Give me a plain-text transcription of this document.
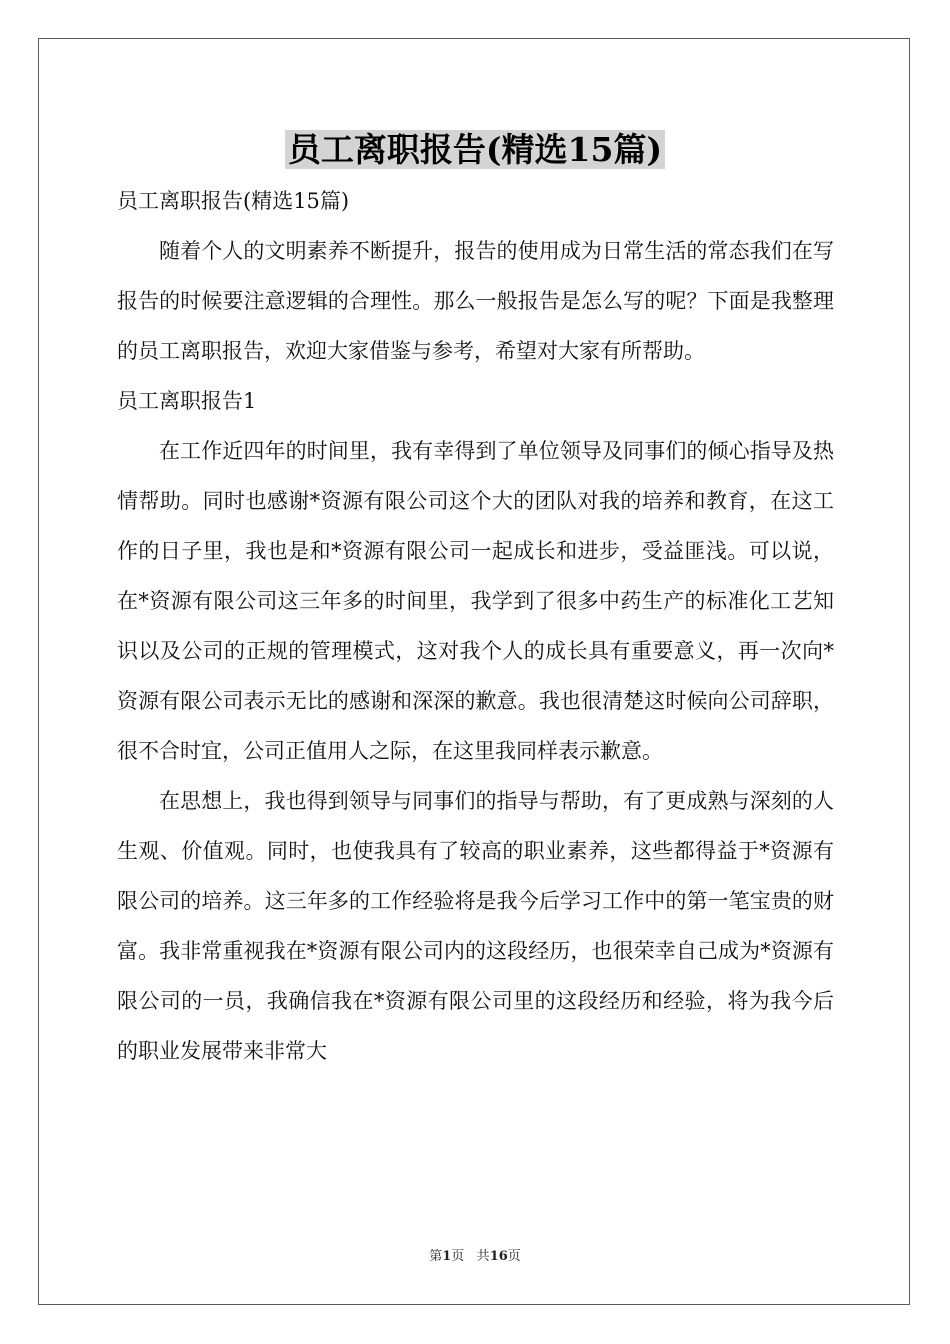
员工离职报告(精选15篇)

员工离职报告(精选15篇)

随着个人的文明素养不断提升，报告的使用成为日常生活的常态我们在写报告的时候要注意逻辑的合理性。那么一般报告是怎么写的呢？下面是我整理的员工离职报告，欢迎大家借鉴与参考，希望对大家有所帮助。

员工离职报告1

在工作近四年的时间里，我有幸得到了单位领导及同事们的倾心指导及热情帮助。同时也感谢*资源有限公司这个大的团队对我的培养和教育，在这工作的日子里，我也是和*资源有限公司一起成长和进步，受益匪浅。可以说，在*资源有限公司这三年多的时间里，我学到了很多中药生产的标准化工艺知识以及公司的正规的管理模式，这对我个人的成长具有重要意义，再一次向*资源有限公司表示无比的感谢和深深的歉意。我也很清楚这时候向公司辞职，很不合时宜，公司正值用人之际，在这里我同样表示歉意。

在思想上，我也得到领导与同事们的指导与帮助，有了更成熟与深刻的人生观、价值观。同时，也使我具有了较高的职业素养，这些都得益于*资源有限公司的培养。这三年多的工作经验将是我今后学习工作中的第一笔宝贵的财富。我非常重视我在*资源有限公司内的这段经历，也很荣幸自己成为*资源有限公司的一员，我确信我在*资源有限公司里的这段经历和经验，将为我今后的职业发展带来非常大

第1页 共16页
